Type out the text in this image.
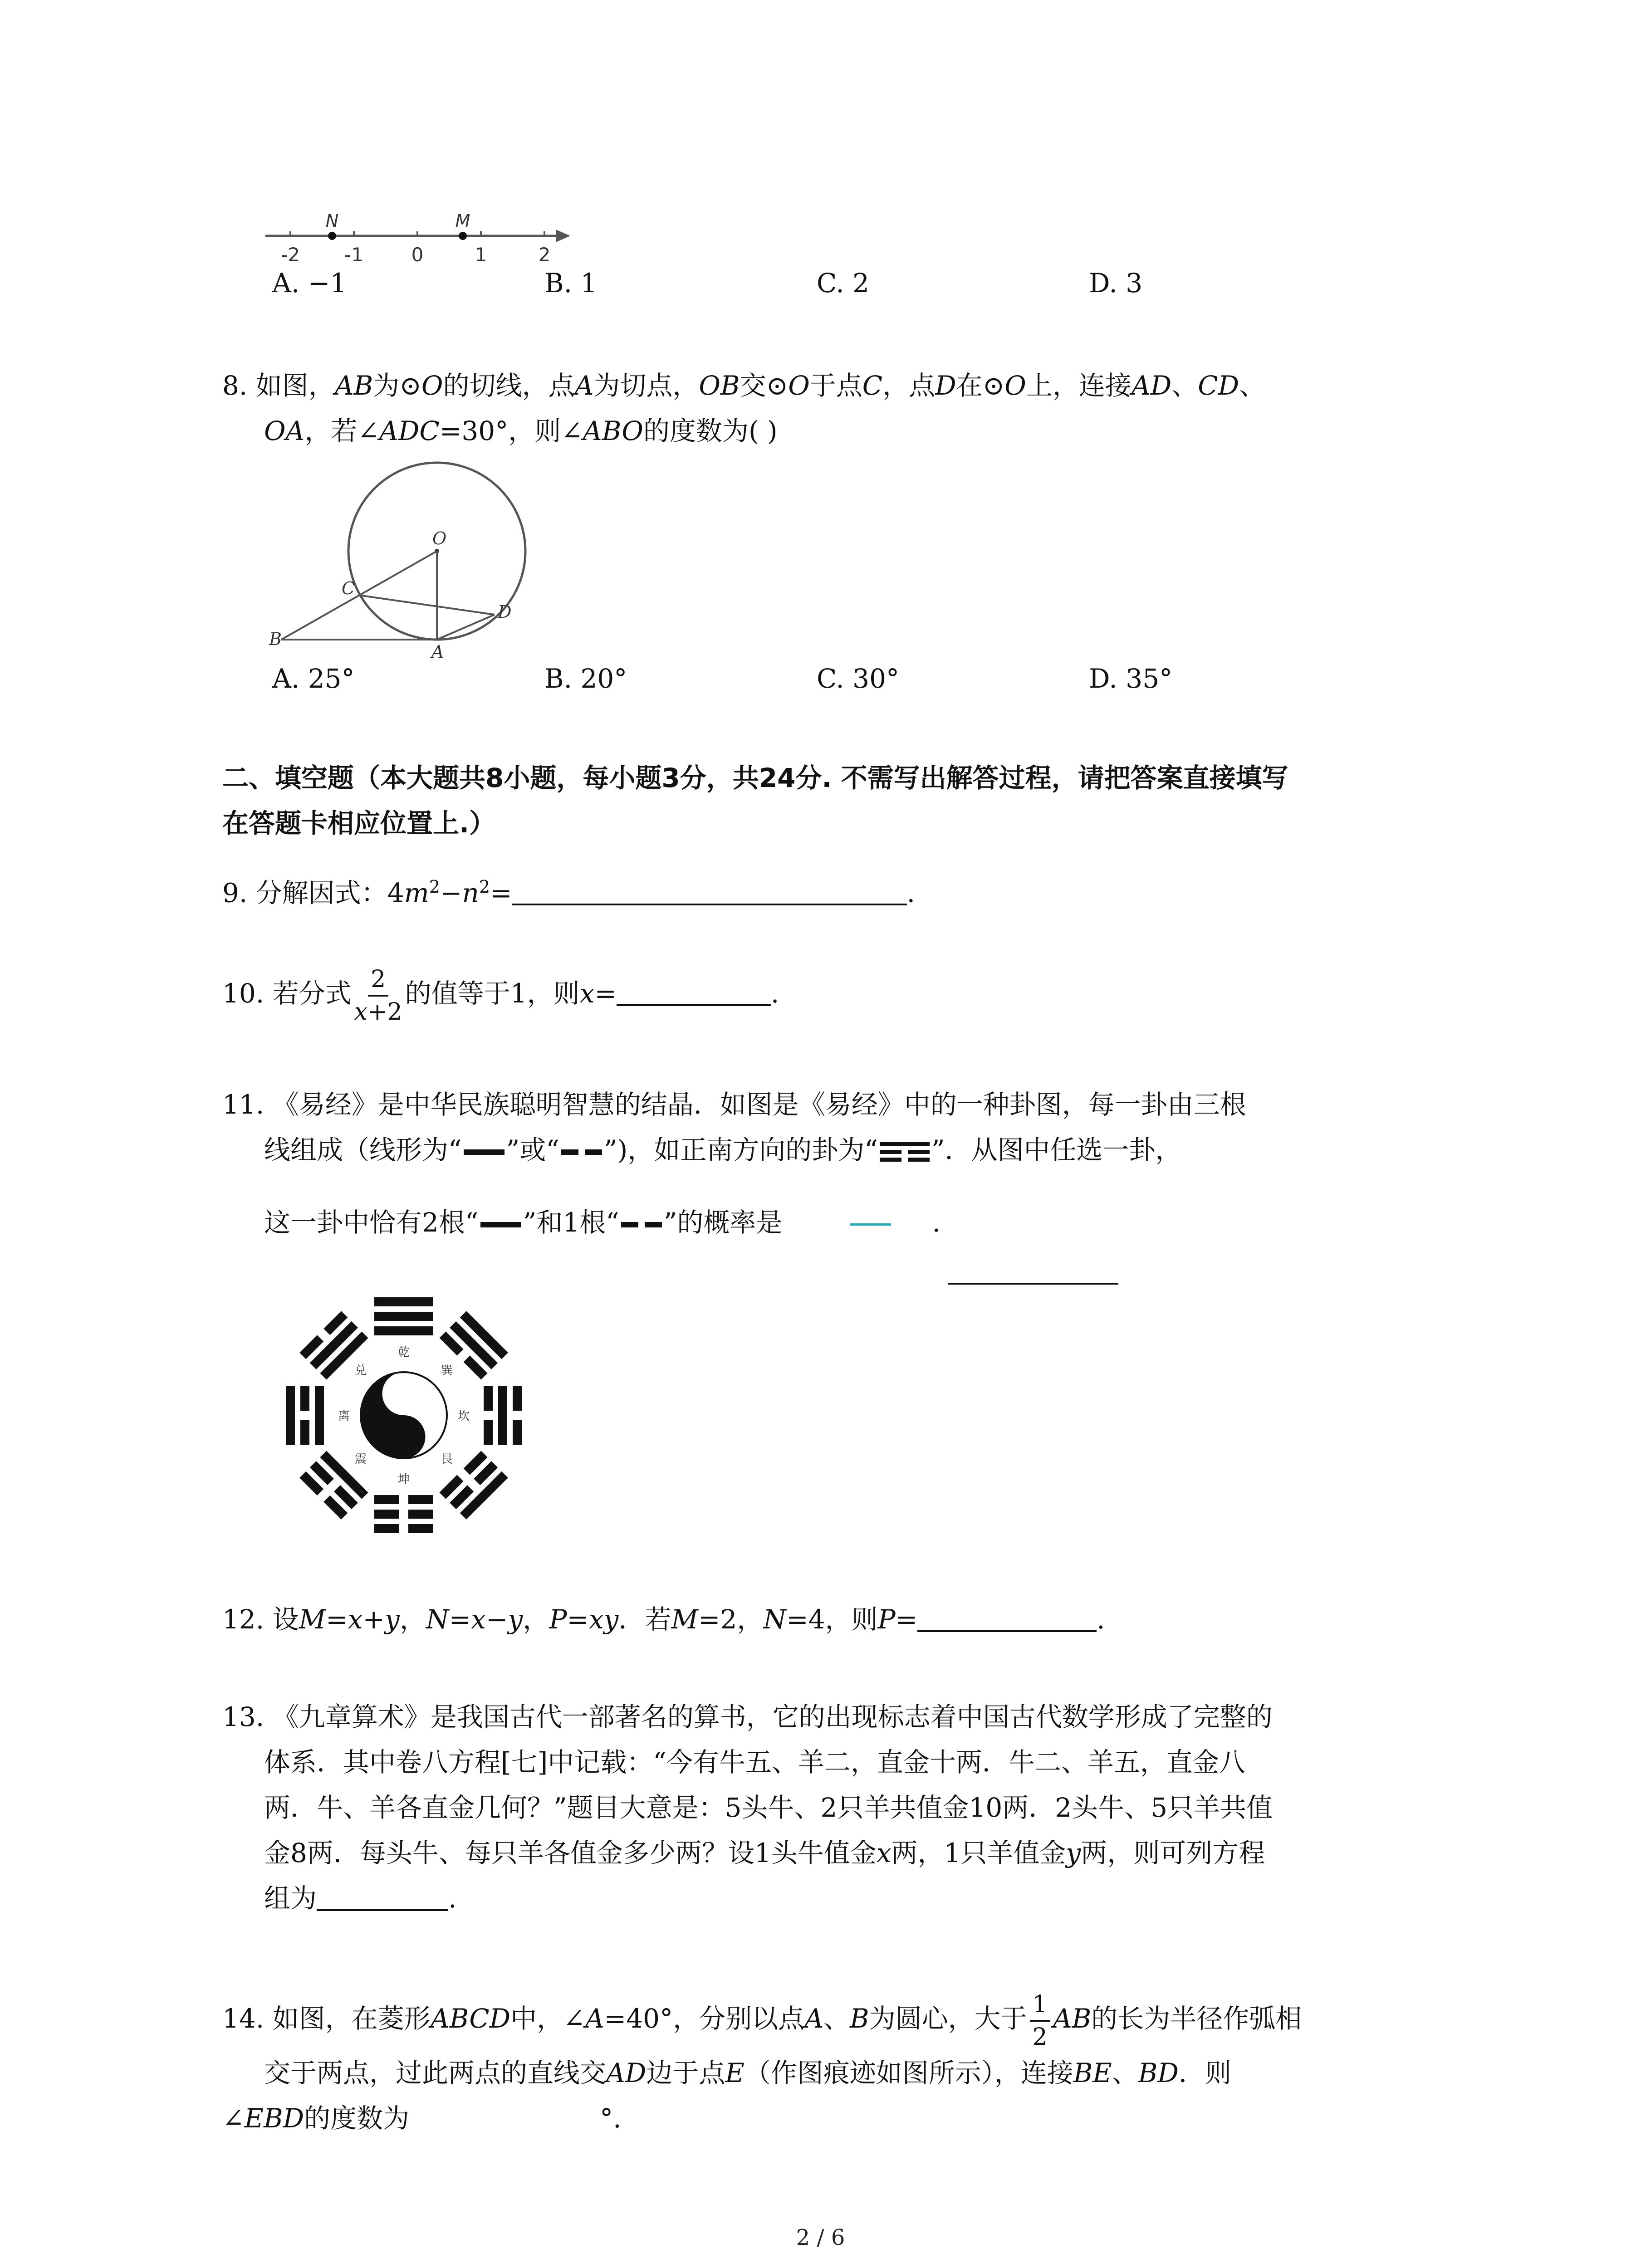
-2 -1	0	1	2
N	M
A. −1	B. 1	C. 2	D. 3
8. 如图，AB为⊙O的切线，点A为切点，OB交⊙O于点C，点D在⊙O上，连接AD、CD、
OA，若∠ADC=30°，则∠ABO的度数为( )
O
C
D
B
A
A. 25°	B. 20°	C. 30°	D. 35°
二、填空题（本大题共8小题，每小题3分，共24分. 不需写出解答过程，请把答案直接填写
在答题卡相应位置上.）
9. 分解因式：$4m^2-n^2=$	.
10. 若分式 $\frac{2}{x+2}$ 的值等于1，则x=	.
11. 《易经》是中华民族聪明智慧的结晶．如图是《易经》中的一种卦图，每一卦由三根
线组成（线形为“ ”或“ ”)，如正南方向的卦为“ ”．从图中任选一卦，
这一卦中恰有2根“ ”和1根“ ”的概率是	.
乾
坤
离	坎
兑	巽
震	艮
12. 设M=x+y，N=x−y，P=xy．若M=2，N=4，则P=	.
13. 《九章算术》是我国古代一部著名的算书，它的出现标志着中国古代数学形成了完整的
体系．其中卷八方程[七]中记载：“今有牛五、羊二，直金十两．牛二、羊五，直金八
两．牛、羊各直金几何？”题目大意是：5头牛、2只羊共值金10两．2头牛、5只羊共值
金8两．每头牛、每只羊各值金多少两？设1头牛值金x两，1只羊值金y两，则可列方程
组为	.
14. 如图，在菱形ABCD中，∠A=40°，分别以点A、B为圆心，大于 $\frac{1}{2}$ AB的长为半径作弧相
交于两点，过此两点的直线交AD边于点E（作图痕迹如图所示），连接BE、BD．则
∠EBD的度数为	°.
2 / 6
